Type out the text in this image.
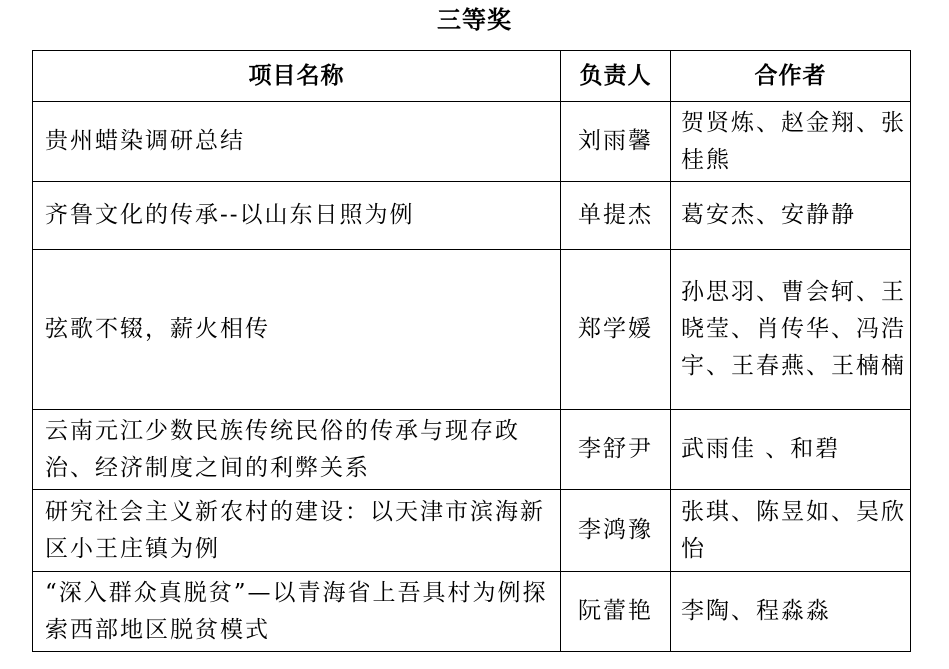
三等奖
项目名称	负责人	合作者

贵州蜡染调研总结	刘雨馨	贺贤炼、赵金翔、张桂熊

齐鲁文化的传承--以山东日照为例	单提杰	葛安杰、安静静

弦歌不辍，薪火相传	郑学媛	孙思羽、曹会轲、王晓莹、肖传华、冯浩宇、王春燕、王楠楠

云南元江少数民族传统民俗的传承与现存政治、经济制度之间的利弊关系	李舒尹	武雨佳 、和碧

研究社会主义新农村的建设：以天津市滨海新区小王庄镇为例	李鸿豫	张琪、陈昱如、吴欣怡

“深入群众真脱贫”—以青海省上吾具村为例探索西部地区脱贫模式	阮蕾艳	李陶、程淼淼
